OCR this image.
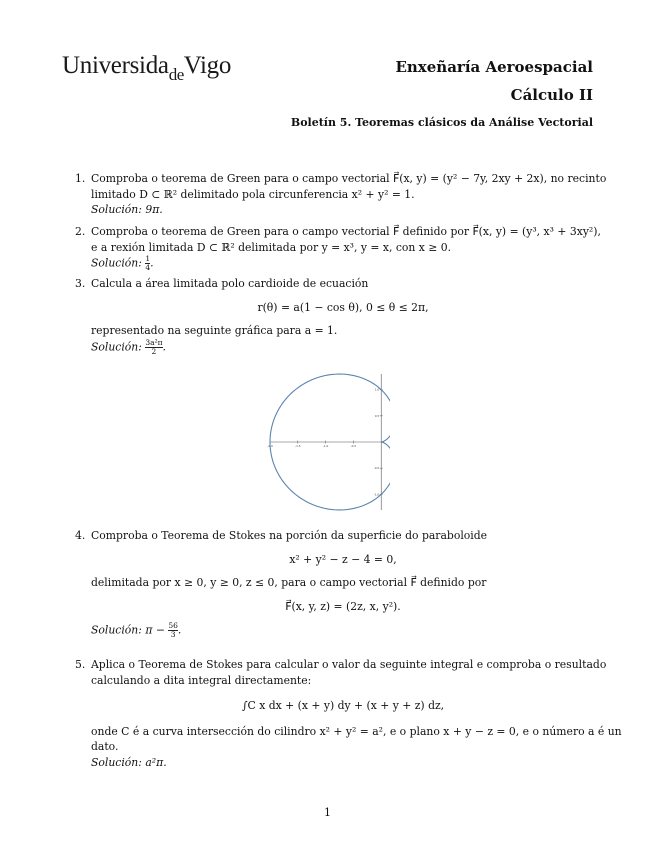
Universida$_{de}$Vigo	Enxeñaría Aeroespacial
Cálculo II
Boletín 5. Teoremas clásicos da Análise Vectorial
1. Comproba o teorema de Green para o campo vectorial F⃗(x, y) = (y² − 7y, 2xy + 2x), no recinto
limitado D ⊂ ℝ² delimitado pola circunferencia x² + y² = 1.
Solución: 9π.
2. Comproba o teorema de Green para o campo vectorial F⃗ definido por F⃗(x, y) = (y³, x³ + 3xy²),
e a rexión limitada D ⊂ ℝ² delimitada por y = x³, y = x, con x ≥ 0.
Solución: $\frac{1}{4}$ .
3. Calcula a área limitada polo cardioide de ecuación
r(θ) = a(1 − cos θ), 0 ≤ θ ≤ 2π,
representado na seguinte gráfica para a = 1.
Solución: $\frac{\text{3a²π}}{2}$ .
-2.0	-1.5	-1.0	-0.5
1.0
0.5
-0.5
-1.0
4. Comproba o Teorema de Stokes na porción da superficie do paraboloide
x² + y² − z − 4 = 0,
delimitada por x ≥ 0, y ≥ 0, z ≤ 0, para o campo vectorial F⃗ definido por
F⃗(x, y, z) = (2z, x, y²).
Solución: $\pi - \frac{56}{3}$ .
5. Aplica o Teorema de Stokes para calcular o valor da seguinte integral e comproba o resultado
calculando a dita integral directamente:
∫C x dx + (x + y) dy + (x + y + z) dz,
onde C é a curva intersección do cilindro x² + y² = a², e o plano x + y − z = 0, e o número a é un
dato.
Solución: a²π.
1
